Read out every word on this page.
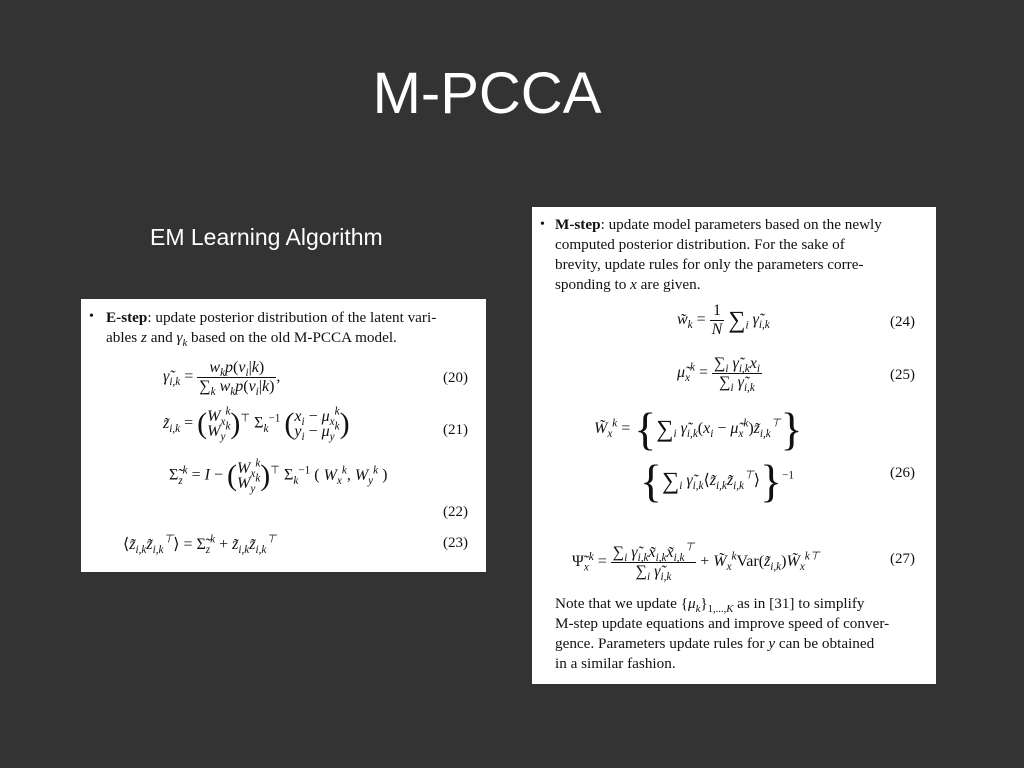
M-PCCA
EM Learning Algorithm
• E-step: update posterior distribution of the latent vari-
ables z and $\gamma_k$ based on the old M-PCCA model.
$\gammã_{i,k} = \frac{w_kp(v_i|k)}{\sum_k w_kp(v_i|k)}$ ,	(20)
$z̃_{i,k} = (W_x^k$
$W_y^k)^⊤$ $\Sigma_k^{-1}$ ($x_i - \mu_x^k$
$y_i - \mu_y^k$)	(21)
$\Sigmã_z^k = I - (W_x^k$
$W_y^k)^⊤$ $\Sigma_k^{-1}$ ( $W_x^k$, $W_y^k$ )
(22)
$⟨z̃_{i,k}z̃_{i,k}^⊤⟩$ = $\Sigmã_z^k$ + $z̃_{i,k}z̃_{i,k}^⊤$	(23)
• M-step: update model parameters based on the newly
computed posterior distribution. For the sake of
brevity, update rules for only the parameters corre-
sponding to x are given.
$w̃_k = \frac{1}{N} \sum_i$ $\gammã_{i,k}$	(24)
$\mũ_x^k = \frac{\sum_i \gammã_{i,k}x_i}{\sum_i \gammã_{i,k}}$	(25)
$W̃_x^k = \{\sum_i$ $\gammã_{i,k}(x_i$ − $\mũ_x^k)z̃_{i,k}^⊤$}
{$\sum_i$ $\gammã_{i,k}⟨z̃_{i,k}z̃_{i,k}^⊤⟩\}^{-1}$	(26)
$\Psĩ_x^k = \frac{\sum_i \gammã_{i,k}x̃_{i,k}x̃_{i,k}^⊤}{\sum_i \gammã_{i,k}}$ + $W̃_x^kVar(z̃_{i,k})W̃_x^{k⊤}$	(27)
Note that we update $\{\mu_k\}_{1,...,K}$ as in [31] to simplify
M-step update equations and improve speed of conver-
gence. Parameters update rules for y can be obtained
in a similar fashion.
